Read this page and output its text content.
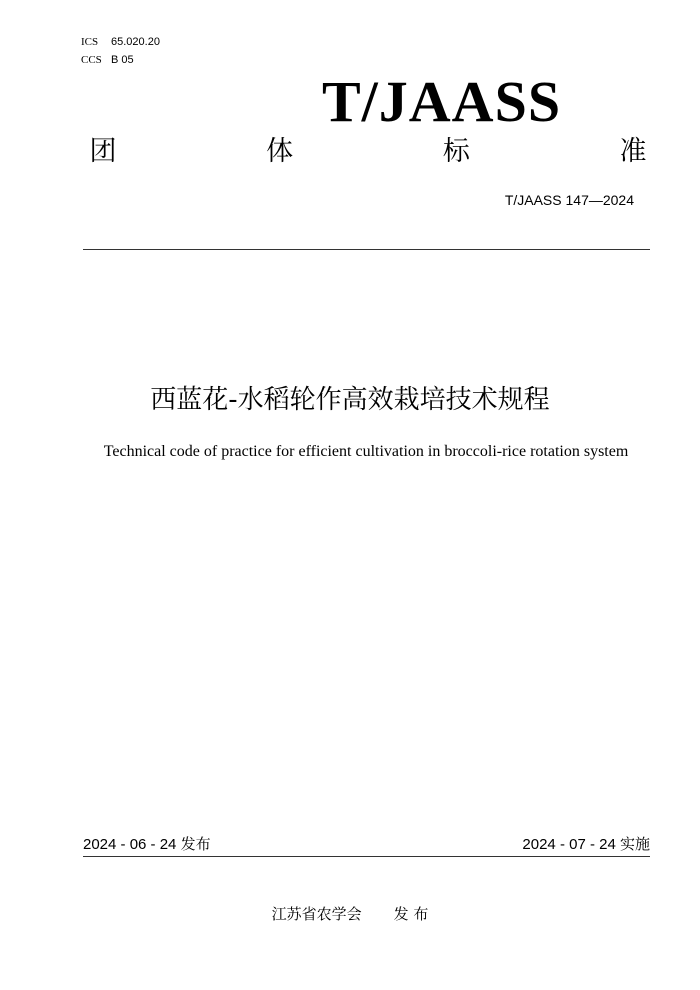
ICS 65.020.20
CCS B 05
T/JAASS
团	体	标	准
T/JAASS 147—2024
西蓝花-水稻轮作高效栽培技术规程
Technical code of practice for efficient cultivation in broccoli-rice rotation system
2024 - 06 - 24 发布	2024 - 07 - 24 实施
江苏省农学会 发 布
